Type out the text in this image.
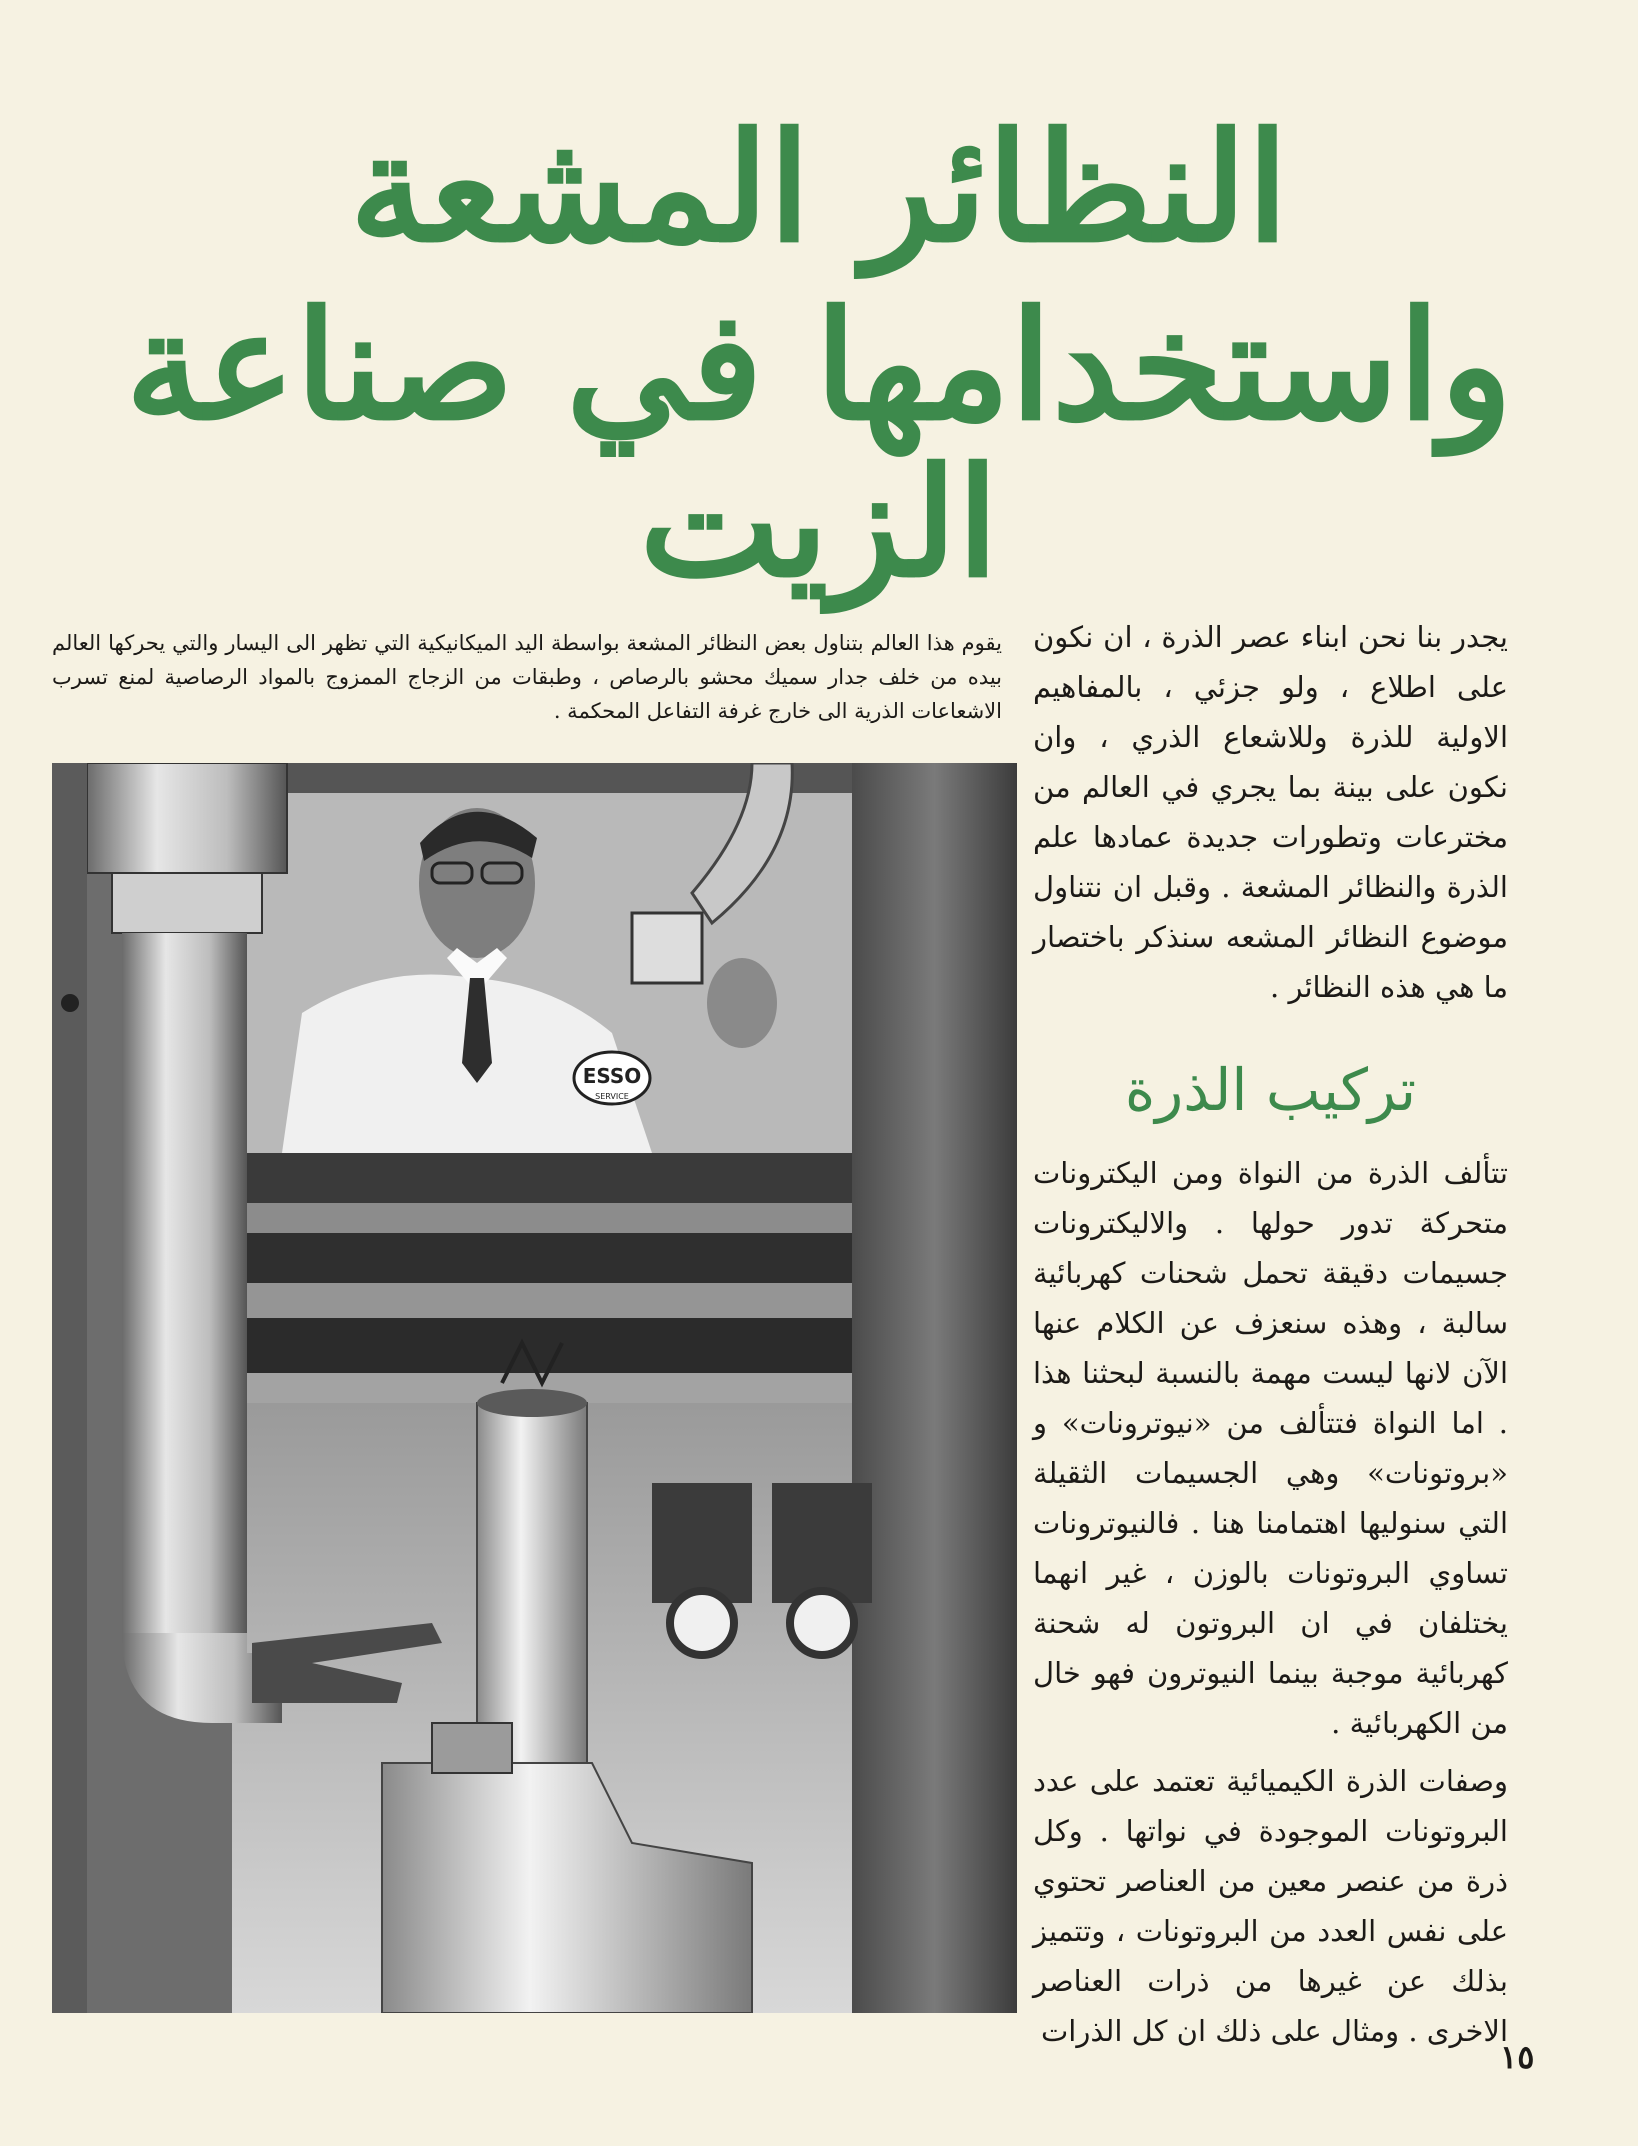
النظائر المشعة

واستخدامها في صناعة الزيت

يقوم هذا العالم بتناول بعض النظائر المشعة بواسطة اليد الميكانيكية التي تظهر الى اليسار والتي يحركها العالم بيده من خلف جدار سميك محشو بالرصاص ، وطبقات من الزجاج الممزوج بالمواد الرصاصية لمنع تسرب الاشعاعات الذرية الى خارج غرفة التفاعل المحكمة .
ESSO
SERVICE

يجدر بنا نحن ابناء عصر الذرة ، ان نكون على اطلاع ، ولو جزئي ، بالمفاهيم الاولية للذرة وللاشعاع الذري ، وان نكون على بينة بما يجري في العالم من مخترعات وتطورات جديدة عمادها علم الذرة والنظائر المشعة . وقبل ان نتناول موضوع النظائر المشعه سنذكر باختصار ما هي هذه النظائر .

تركيب الذرة

تتألف الذرة من النواة ومن اليكترونات متحركة تدور حولها . والاليكترونات جسيمات دقيقة تحمل شحنات كهربائية سالبة ، وهذه سنعزف عن الكلام عنها الآن لانها ليست مهمة بالنسبة لبحثنا هذا . اما النواة فتتألف من «نيوترونات» و «بروتونات» وهي الجسيمات الثقيلة التي سنوليها اهتمامنا هنا . فالنيوترونات تساوي البروتونات بالوزن ، غير انهما يختلفان في ان البروتون له شحنة كهربائية موجبة بينما النيوترون فهو خال من الكهربائية .

وصفات الذرة الكيميائية تعتمد على عدد البروتونات الموجودة في نواتها . وكل ذرة من عنصر معين من العناصر تحتوي على نفس العدد من البروتونات ، وتتميز بذلك عن غيرها من ذرات العناصر الاخرى . ومثال على ذلك ان كل الذرات

١٥
